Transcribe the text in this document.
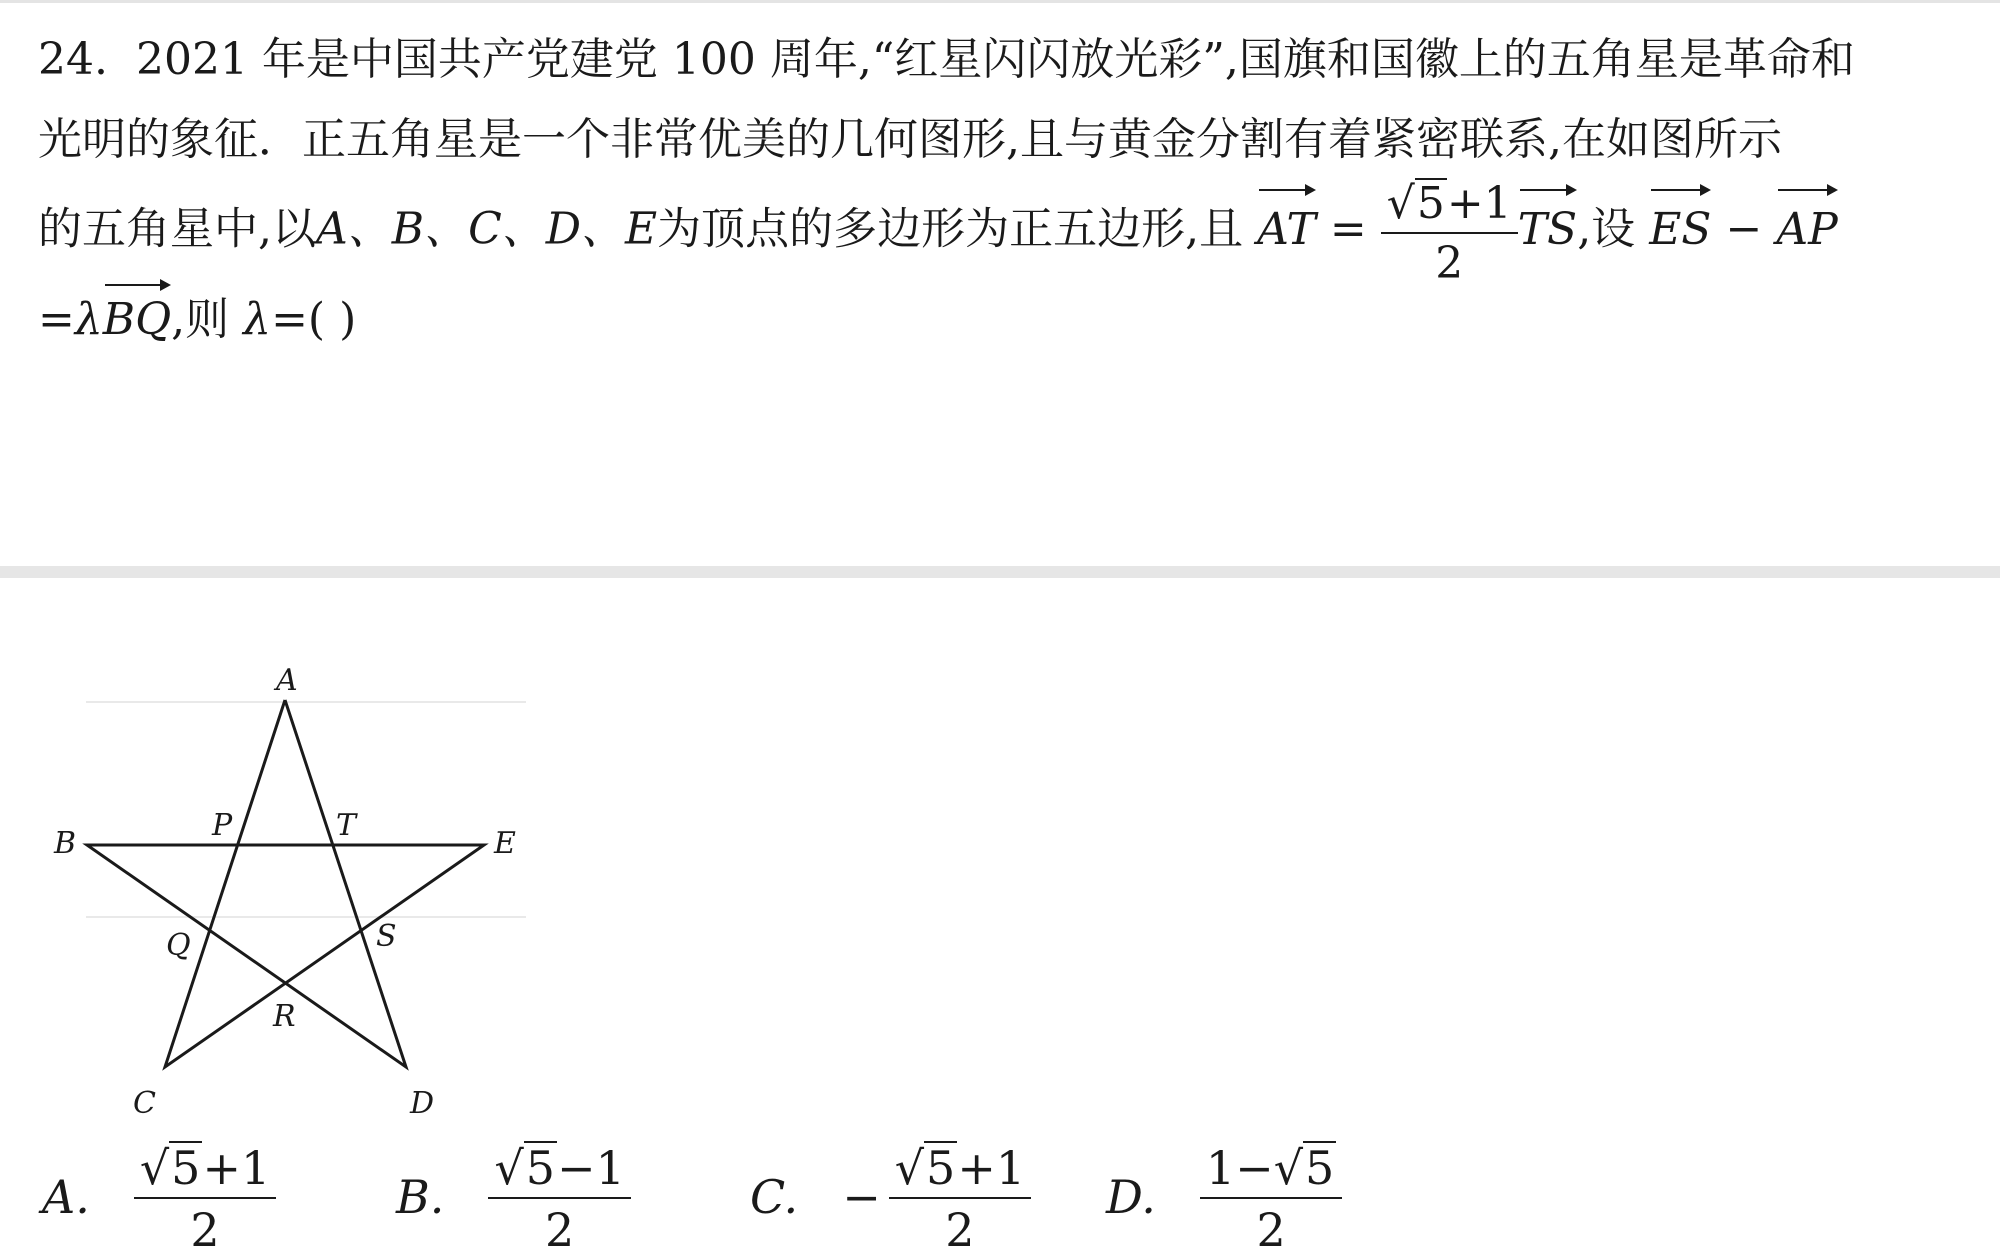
24. 2021 年是中国共产党建党 100 周年,“红星闪闪放光彩”,国旗和国徽上的五角星是革命和
光明的象征．正五角星是一个非常优美的几何图形,且与黄金分割有着紧密联系,在如图所示
的五角星中,以A、B、C、D、E为顶点的多边形为正五边形,且 AT = $\frac{√5+1}{2}$ TS,设 ES − AP
=λBQ,则 λ=( )
A
B
C	D
E
P	T
Q	S
R
A. $\frac{√5+1}{2}$	B. $\frac{√5-1}{2}$	C. − $\frac{√5+1}{2} D$. $\frac{1-√5}{2}$
